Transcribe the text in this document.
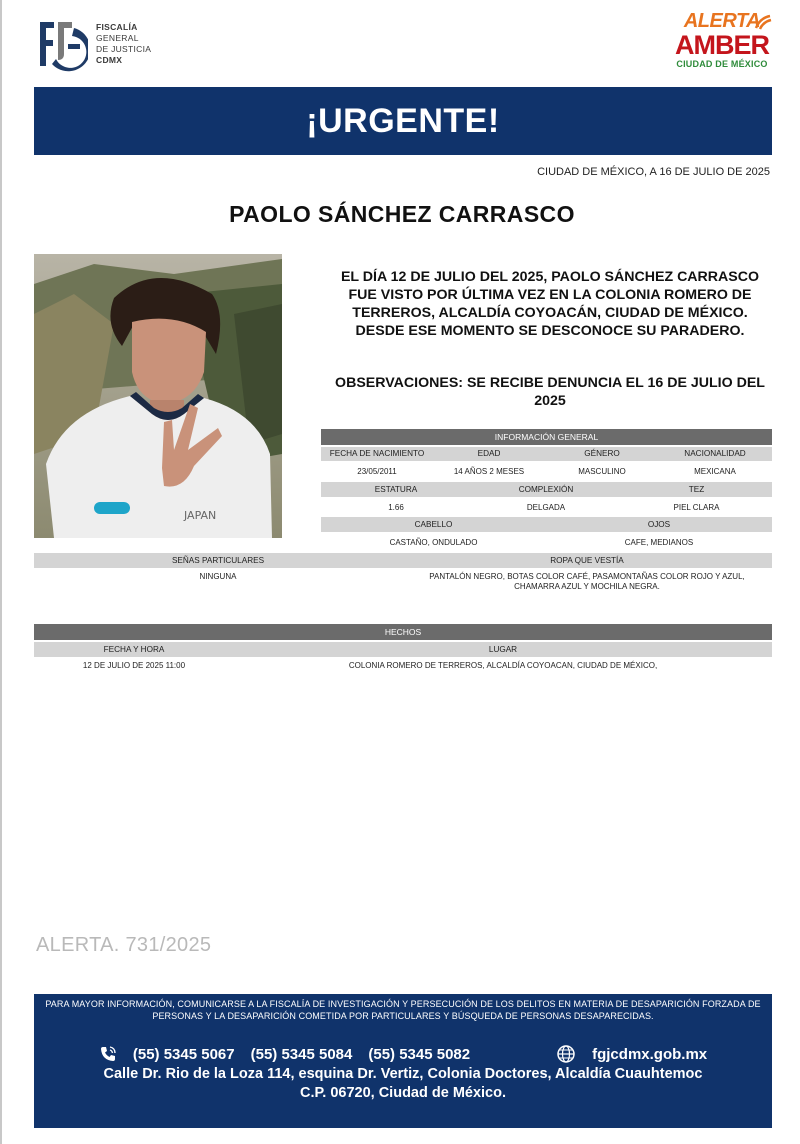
FISCALÍA
GENERAL
DE JUSTICIA
CDMX
ALERTA
AMBER
CIUDAD DE MÉXICO
¡URGENTE!
CIUDAD DE MÉXICO, A 16 DE JULIO DE 2025
PAOLO SÁNCHEZ CARRASCO
JAPAN
EL DÍA 12 DE JULIO DEL 2025, PAOLO SÁNCHEZ CARRASCO FUE VISTO POR ÚLTIMA VEZ EN LA COLONIA ROMERO DE TERREROS, ALCALDÍA COYOACÁN, CIUDAD DE MÉXICO. DESDE ESE MOMENTO SE DESCONOCE SU PARADERO.
OBSERVACIONES: SE RECIBE DENUNCIA EL 16 DE JULIO DEL 2025
INFORMACIÓN GENERAL
FECHA DE NACIMIENTO	EDAD	GÉNERO	NACIONALIDAD
23/05/2011	14 AÑOS 2 MESES	MASCULINO	MEXICANA
ESTATURA	COMPLEXIÓN	TEZ
1.66	DELGADA	PIEL CLARA
CABELLO	OJOS
CASTAÑO, ONDULADO	CAFE, MEDIANOS
SEÑAS PARTICULARES	ROPA QUE VESTÍA
NINGUNA	PANTALÓN NEGRO, BOTAS COLOR CAFÉ, PASAMONTAÑAS COLOR ROJO Y AZUL,
CHAMARRA AZUL Y MOCHILA NEGRA.
HECHOS
FECHA Y HORA	LUGAR
12 DE JULIO DE 2025 11:00	COLONIA ROMERO DE TERREROS, ALCALDÍA COYOACAN, CIUDAD DE MÉXICO,
ALERTA. 731/2025
PARA MAYOR INFORMACIÓN, COMUNICARSE A LA FISCALÍA DE INVESTIGACIÓN Y PERSECUCIÓN DE LOS DELITOS EN MATERIA DE DESAPARICIÓN FORZADA DE PERSONAS Y LA DESAPARICIÓN COMETIDA POR PARTICULARES Y BÚSQUEDA DE PERSONAS DESAPARECIDAS.
(55) 5345 5067 (55) 5345 5084 (55) 5345 5082	fgjcdmx.gob.mx
Calle Dr. Rio de la Loza 114, esquina Dr. Vertiz, Colonia Doctores, Alcaldía Cuauhtemoc
C.P. 06720, Ciudad de México.
